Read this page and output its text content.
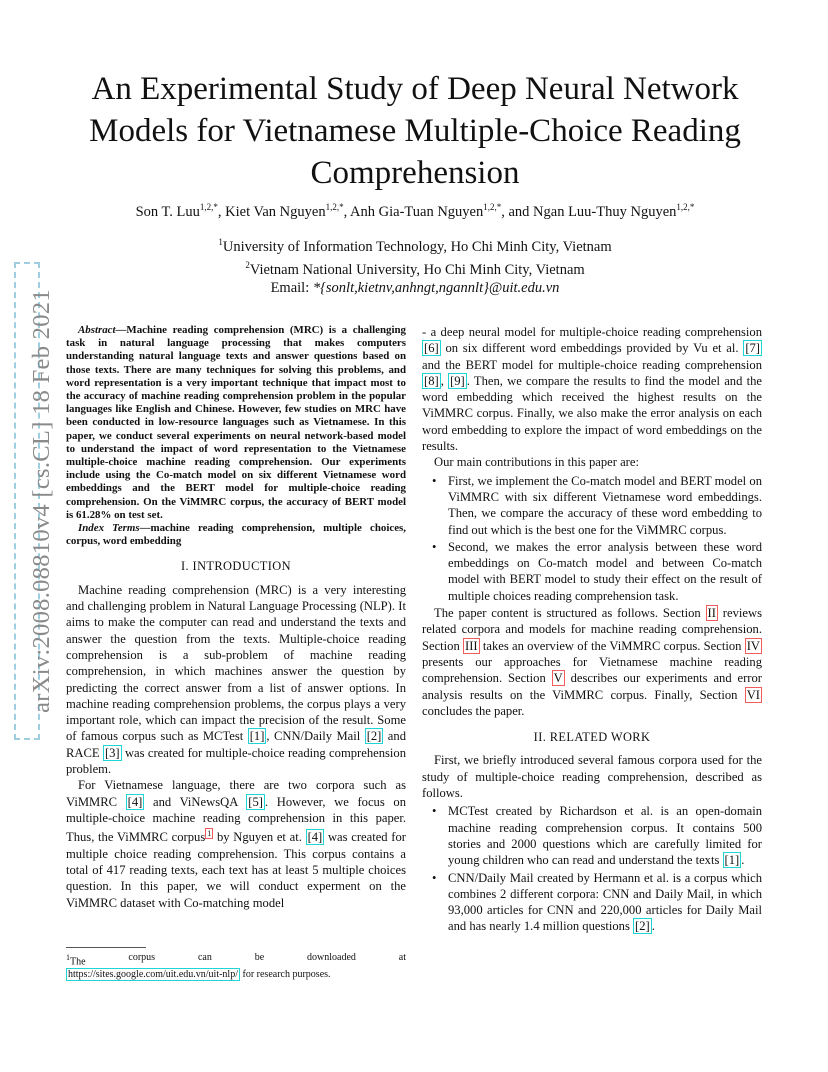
arXiv:2008.08810v4 [cs.CL] 18 Feb 2021
An Experimental Study of Deep Neural Network Models for Vietnamese Multiple-Choice Reading Comprehension

Son T. Luu$^{1,2,*}$, Kiet Van Nguyen$^{1,2,*}$, Anh Gia-Tuan Nguyen$^{1,2,*}$, and Ngan Luu-Thuy Nguyen$^{1,2,*}$

$^1$University of Information Technology, Ho Chi Minh City, Vietnam
$^2$Vietnam National University, Ho Chi Minh City, Vietnam
Email: *{sonlt,kietnv,anhngt,ngannlt}@uit.edu.vn

Abstract—Machine reading comprehension (MRC) is a challenging task in natural language processing that makes computers understanding natural language texts and answer questions based on those texts. There are many techniques for solving this problems, and word representation is a very important technique that impact most to the accuracy of machine reading comprehension problem in the popular languages like English and Chinese. However, few studies on MRC have been conducted in low-resource languages such as Vietnamese. In this paper, we conduct several experiments on neural network-based model to understand the impact of word representation to the Vietnamese multiple-choice machine reading comprehension. Our experiments include using the Co-match model on six different Vietnamese word embeddings and the BERT model for multiple-choice reading comprehension. On the ViMMRC corpus, the accuracy of BERT model is 61.28% on test set.

Index Terms—machine reading comprehension, multiple choices, corpus, word embedding

I. INTRODUCTION

Machine reading comprehension (MRC) is a very interesting and challenging problem in Natural Language Processing (NLP). It aims to make the computer can read and understand the texts and answer the question from the texts. Multiple-choice reading comprehension is a sub-problem of machine reading comprehension, in which machines answer the question by predicting the correct answer from a list of answer options. In machine reading comprehension problems, the corpus plays a very important role, which can impact the precision of the result. Some of famous corpus such as MCTest [1] , CNN/Daily Mail [2] and RACE [3] was created for multiple-choice reading comprehension problem.

For Vietnamese language, there are two corpora such as ViMMRC [4] and ViNewsQA [5] . However, we focus on multiple-choice machine reading comprehension in this paper. Thus, the ViMMRC corpus $^1$ by Nguyen et at. [4] was created for multiple choice reading comprehension. This corpus contains a total of 417 reading texts, each text has at least 5 multiple choices question. In this paper, we will conduct experment on the ViMMRC dataset with Co-matching model

$^1$The	corpus	can	be	downloaded	at
https://sites.google.com/uit.edu.vn/uit-nlp/ for research purposes.

- a deep neural model for multiple-choice reading comprehension [6] on six different word embeddings provided by Vu et al. [7] and the BERT model for multiple-choice reading comprehension [8] , [9] . Then, we compare the results to find the model and the word embedding which received the highest results on the ViMMRC corpus. Finally, we also make the error analysis on each word embedding to explore the impact of word embeddings on the results.

Our main contributions in this paper are:

• First, we implement the Co-match model and BERT model on ViMMRC with six different Vietnamese word embeddings. Then, we compare the accuracy of these word embedding to find out which is the best one for the ViMMRC corpus.
• Second, we makes the error analysis between these word embeddings on Co-match model and between Co-match model with BERT model to study their effect on the result of multiple choices reading comprehension task.

The paper content is structured as follows. Section II reviews related corpora and models for machine reading comprehension. Section III takes an overview of the ViMMRC corpus. Section IV presents our approaches for Vietnamese machine reading comprehension. Section V describes our experiments and error analysis results on the ViMMRC corpus. Finally, Section VI concludes the paper.

II. RELATED WORK

First, we briefly introduced several famous corpora used for the study of multiple-choice reading comprehension, described as follows.

• MCTest created by Richardson et al. is an open-domain machine reading comprehension corpus. It contains 500 stories and 2000 questions which are carefully limited for young children who can read and understand the texts [1] .
• CNN/Daily Mail created by Hermann et al. is a corpus which combines 2 different corpora: CNN and Daily Mail, in which 93,000 articles for CNN and 220,000 articles for Daily Mail and has nearly 1.4 million questions [2] .
